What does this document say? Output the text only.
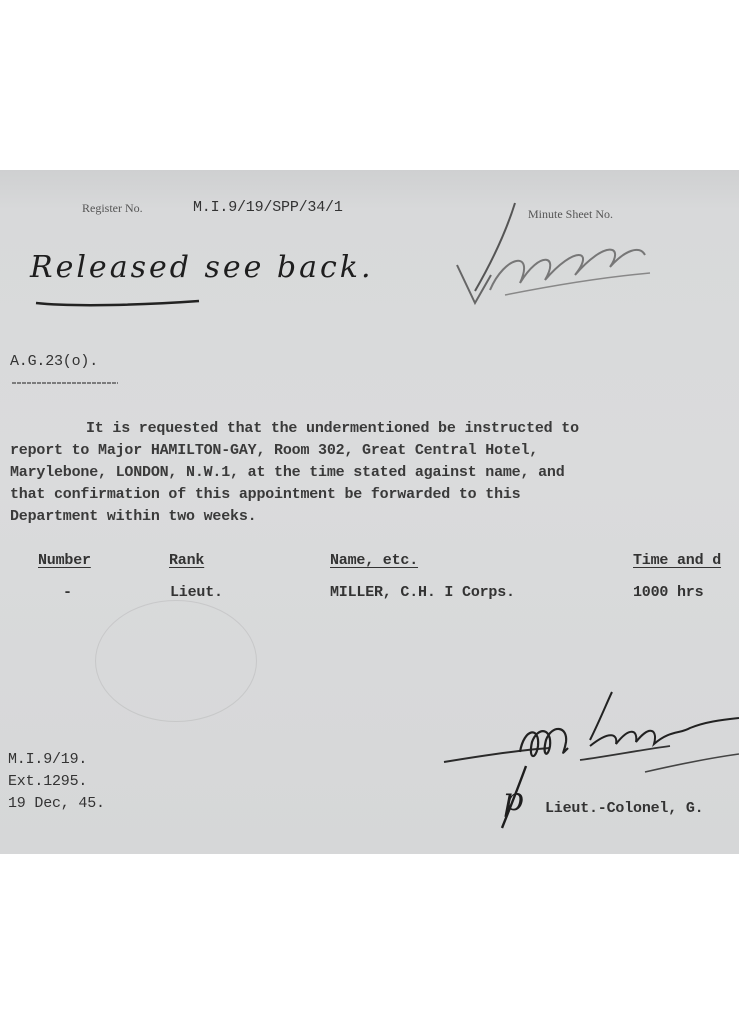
Register No.	M.I.9/19/SPP/34/1	Minute Sheet No.
Released see back.
A.G.23(o).
It is requested that the undermentioned be instructed to
report to Major HAMILTON-GAY, Room 302, Great Central Hotel,
Marylebone, LONDON, N.W.1, at the time stated against name, and
that confirmation of this appointment be forwarded to this
Department within two weeks.
Number	Rank	Name, etc.	Time and d
-	Lieut.	MILLER, C.H. I Corps.	1000 hrs
M.I.9/19.
Ext.1295.
19 Dec, 45.	p Lieut.-Colonel, G.
